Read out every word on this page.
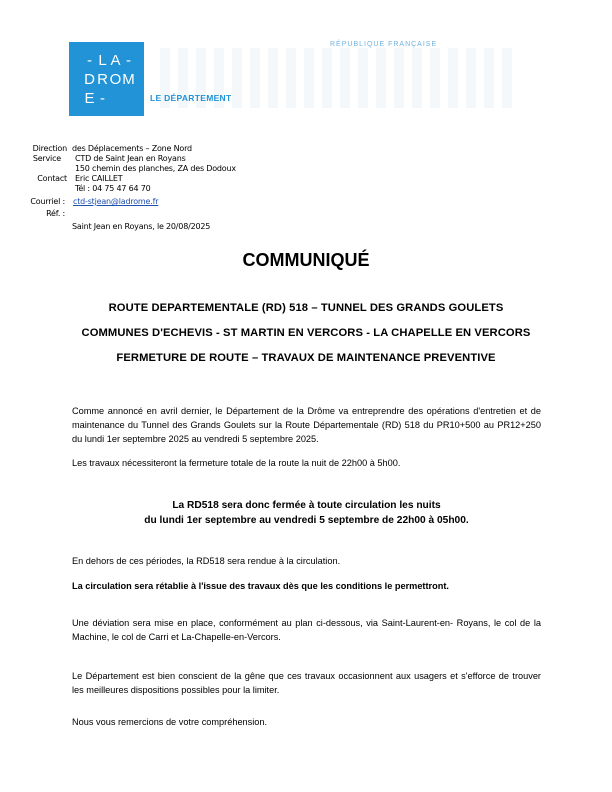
- L A -
D R O M
E -	LE DÉPARTEMENT
RÉPUBLIQUE FRANÇAISE
Direction des Déplacements – Zone Nord
Service CTD de Saint Jean en Royans
150 chemin des planches, ZA des Dodoux
Contact Eric CAILLET
Tél : 04 75 47 64 70
Courriel : ctd-stjean@ladrome.fr
Réf. :
Saint Jean en Royans, le 20/08/2025
COMMUNIQUÉ
ROUTE DEPARTEMENTALE (RD) 518 – TUNNEL DES GRANDS GOULETS
COMMUNES D'ECHEVIS - ST MARTIN EN VERCORS - LA CHAPELLE EN VERCORS
FERMETURE DE ROUTE – TRAVAUX DE MAINTENANCE PREVENTIVE
Comme annoncé en avril dernier, le Département de la Drôme va entreprendre des opérations d'entretien et de maintenance du Tunnel des Grands Goulets sur la Route Départementale (RD) 518 du PR10+500 au PR12+250 du lundi 1er septembre 2025 au vendredi 5 septembre 2025.
Les travaux nécessiteront la fermeture totale de la route la nuit de 22h00 à 5h00.
La RD518 sera donc fermée à toute circulation les nuits
du lundi 1er septembre au vendredi 5 septembre de 22h00 à 05h00.
En dehors de ces périodes, la RD518 sera rendue à la circulation.
La circulation sera rétablie à l'issue des travaux dès que les conditions le permettront.
Une déviation sera mise en place, conformément au plan ci-dessous, via Saint-Laurent-en- Royans, le col de la Machine, le col de Carri et La-Chapelle-en-Vercors.
Le Département est bien conscient de la gêne que ces travaux occasionnent aux usagers et s'efforce de trouver les meilleures dispositions possibles pour la limiter.
Nous vous remercions de votre compréhension.
